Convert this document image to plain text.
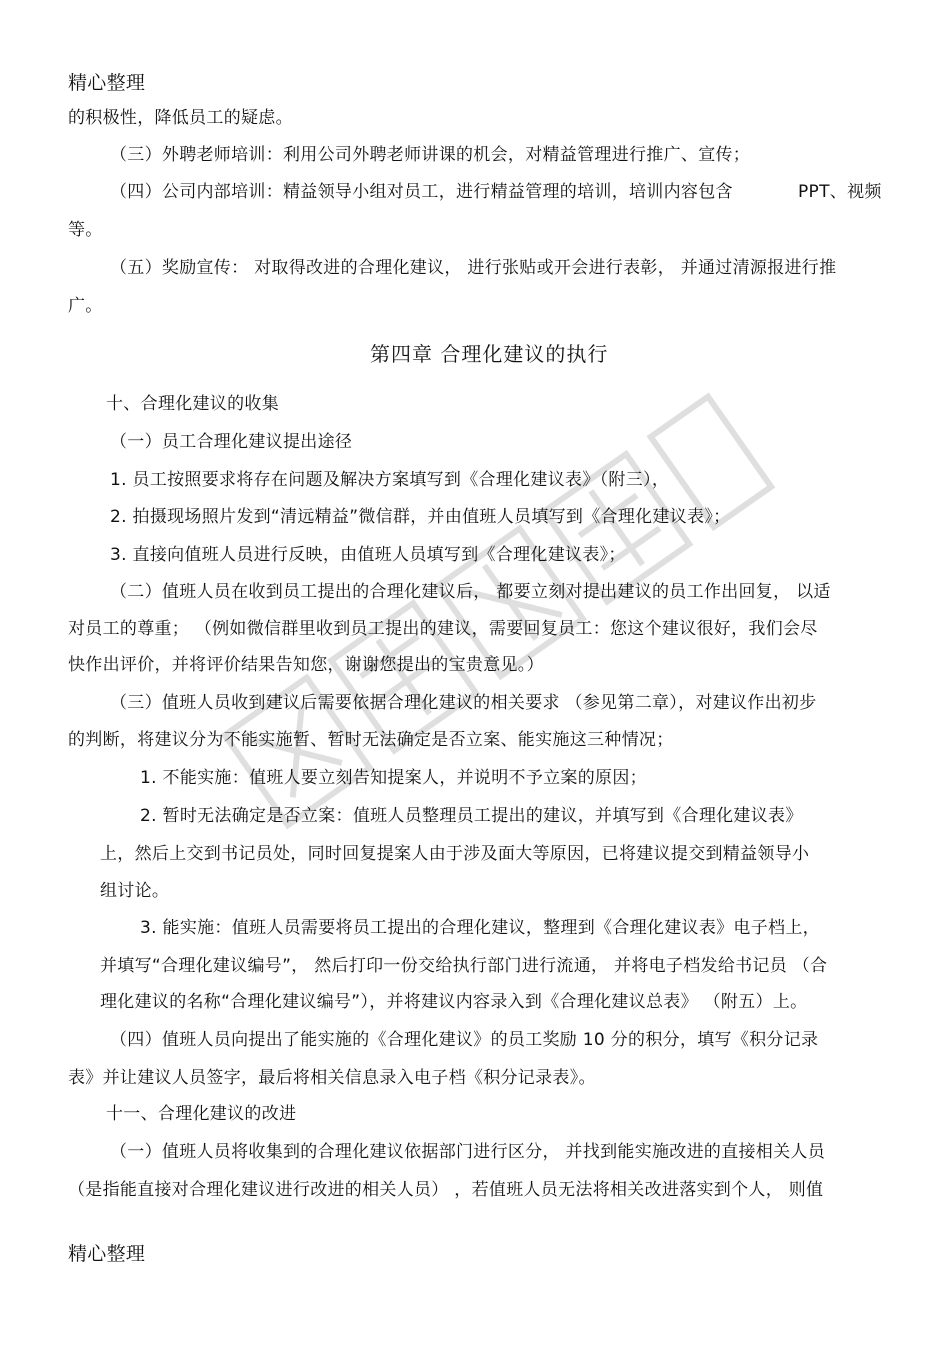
精心整理
的积极性，降低员工的疑虑。
（三）外聘老师培训：利用公司外聘老师讲课的机会，对精益管理进行推广、宣传；
（四）公司内部培训：精益领导小组对员工，进行精益管理的培训，培训内容包含	PPT、视频
等。
（五）奖励宣传： 对取得改进的合理化建议， 进行张贴或开会进行表彰， 并通过清源报进行推
广。
第四章 合理化建议的执行
十、合理化建议的收集
（一）员工合理化建议提出途径
1. 员工按照要求将存在问题及解决方案填写到《合理化建议表》（附三），
2. 拍摄现场照片发到“清远精益”微信群，并由值班人员填写到《合理化建议表》；
3. 直接向值班人员进行反映，由值班人员填写到《合理化建议表》；
（二）值班人员在收到员工提出的合理化建议后， 都要立刻对提出建议的员工作出回复， 以适
对员工的尊重； （例如微信群里收到员工提出的建议，需要回复员工：您这个建议很好，我们会尽
快作出评价，并将评价结果告知您，谢谢您提出的宝贵意见。）
（三）值班人员收到建议后需要依据合理化建议的相关要求 （参见第二章），对建议作出初步
的判断，将建议分为不能实施暂、暂时无法确定是否立案、能实施这三种情况；
1. 不能实施：值班人要立刻告知提案人，并说明不予立案的原因；
2. 暂时无法确定是否立案：值班人员整理员工提出的建议，并填写到《合理化建议表》
上，然后上交到书记员处，同时回复提案人由于涉及面大等原因，已将建议提交到精益领导小
组讨论。
3. 能实施：值班人员需要将员工提出的合理化建议，整理到《合理化建议表》电子档上，
并填写“合理化建议编号”， 然后打印一份交给执行部门进行流通， 并将电子档发给书记员 （合
理化建议的名称“合理化建议编号”），并将建议内容录入到《合理化建议总表》 （附五）上。
（四）值班人员向提出了能实施的《合理化建议》的员工奖励 10 分的积分，填写《积分记录
表》并让建议人员签字，最后将相关信息录入电子档《积分记录表》。
十一、合理化建议的改进
（一）值班人员将收集到的合理化建议依据部门进行区分， 并找到能实施改进的直接相关人员
（是指能直接对合理化建议进行改进的相关人员） ，若值班人员无法将相关改进落实到个人， 则值
精心整理
